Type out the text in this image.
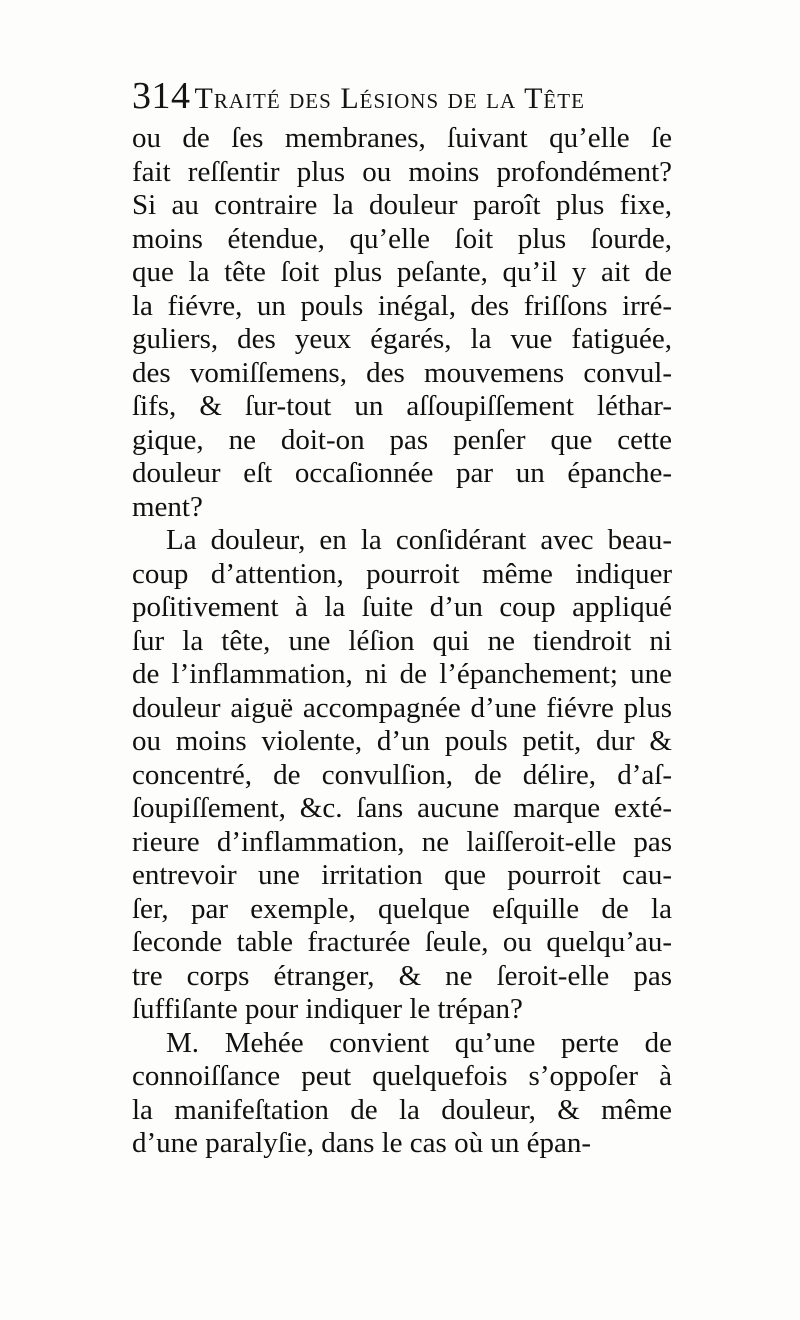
314 Traité des Lésions de la Tête
ou de ſes membranes, ſuivant qu’elle ſe
fait reſſentir plus ou moins profondément?
Si au contraire la douleur paroît plus fixe,
moins étendue, qu’elle ſoit plus ſourde,
que la tête ſoit plus peſante, qu’il y ait de
la fiévre, un pouls inégal, des friſſons irré-
guliers, des yeux égarés, la vue fatiguée,
des vomiſſemens, des mouvemens convul-
ſifs, & ſur-tout un aſſoupiſſement léthar-
gique, ne doit-on pas penſer que cette
douleur eſt occaſionnée par un épanche-
ment?
La douleur, en la conſidérant avec beau-
coup d’attention, pourroit même indiquer
poſitivement à la ſuite d’un coup appliqué
ſur la tête, une léſion qui ne tiendroit ni
de l’inflammation, ni de l’épanchement; une
douleur aiguë accompagnée d’une fiévre plus
ou moins violente, d’un pouls petit, dur &
concentré, de convulſion, de délire, d’aſ-
ſoupiſſement, &c. ſans aucune marque exté-
rieure d’inflammation, ne laiſſeroit-elle pas
entrevoir une irritation que pourroit cau-
ſer, par exemple, quelque eſquille de la
ſeconde table fracturée ſeule, ou quelqu’au-
tre corps étranger, & ne ſeroit-elle pas
ſuffiſante pour indiquer le trépan?
M. Mehée convient qu’une perte de
connoiſſance peut quelquefois s’oppoſer à
la manifeſtation de la douleur, & même
d’une paralyſie, dans le cas où un épan-
